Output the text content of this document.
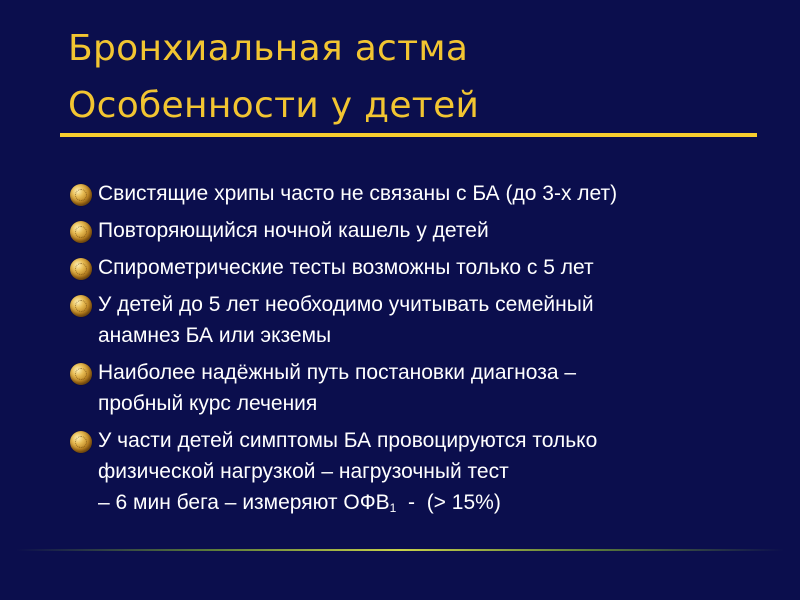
Бронхиальная астма
Особенности у детей
Свистящие хрипы часто не связаны с БА (до 3-х лет)
Повторяющийся ночной кашель у детей
Спирометрические тесты возможны только с 5 лет
У детей до 5 лет необходимо учитывать семейный
анамнез БА или экземы
Наиболее надёжный путь постановки диагноза –
пробный курс лечения
У части детей симптомы БА провоцируются только
физической нагрузкой – нагрузочный тест
– 6 мин бега – измеряют $ОФВ_1$  -  (> 15%)
